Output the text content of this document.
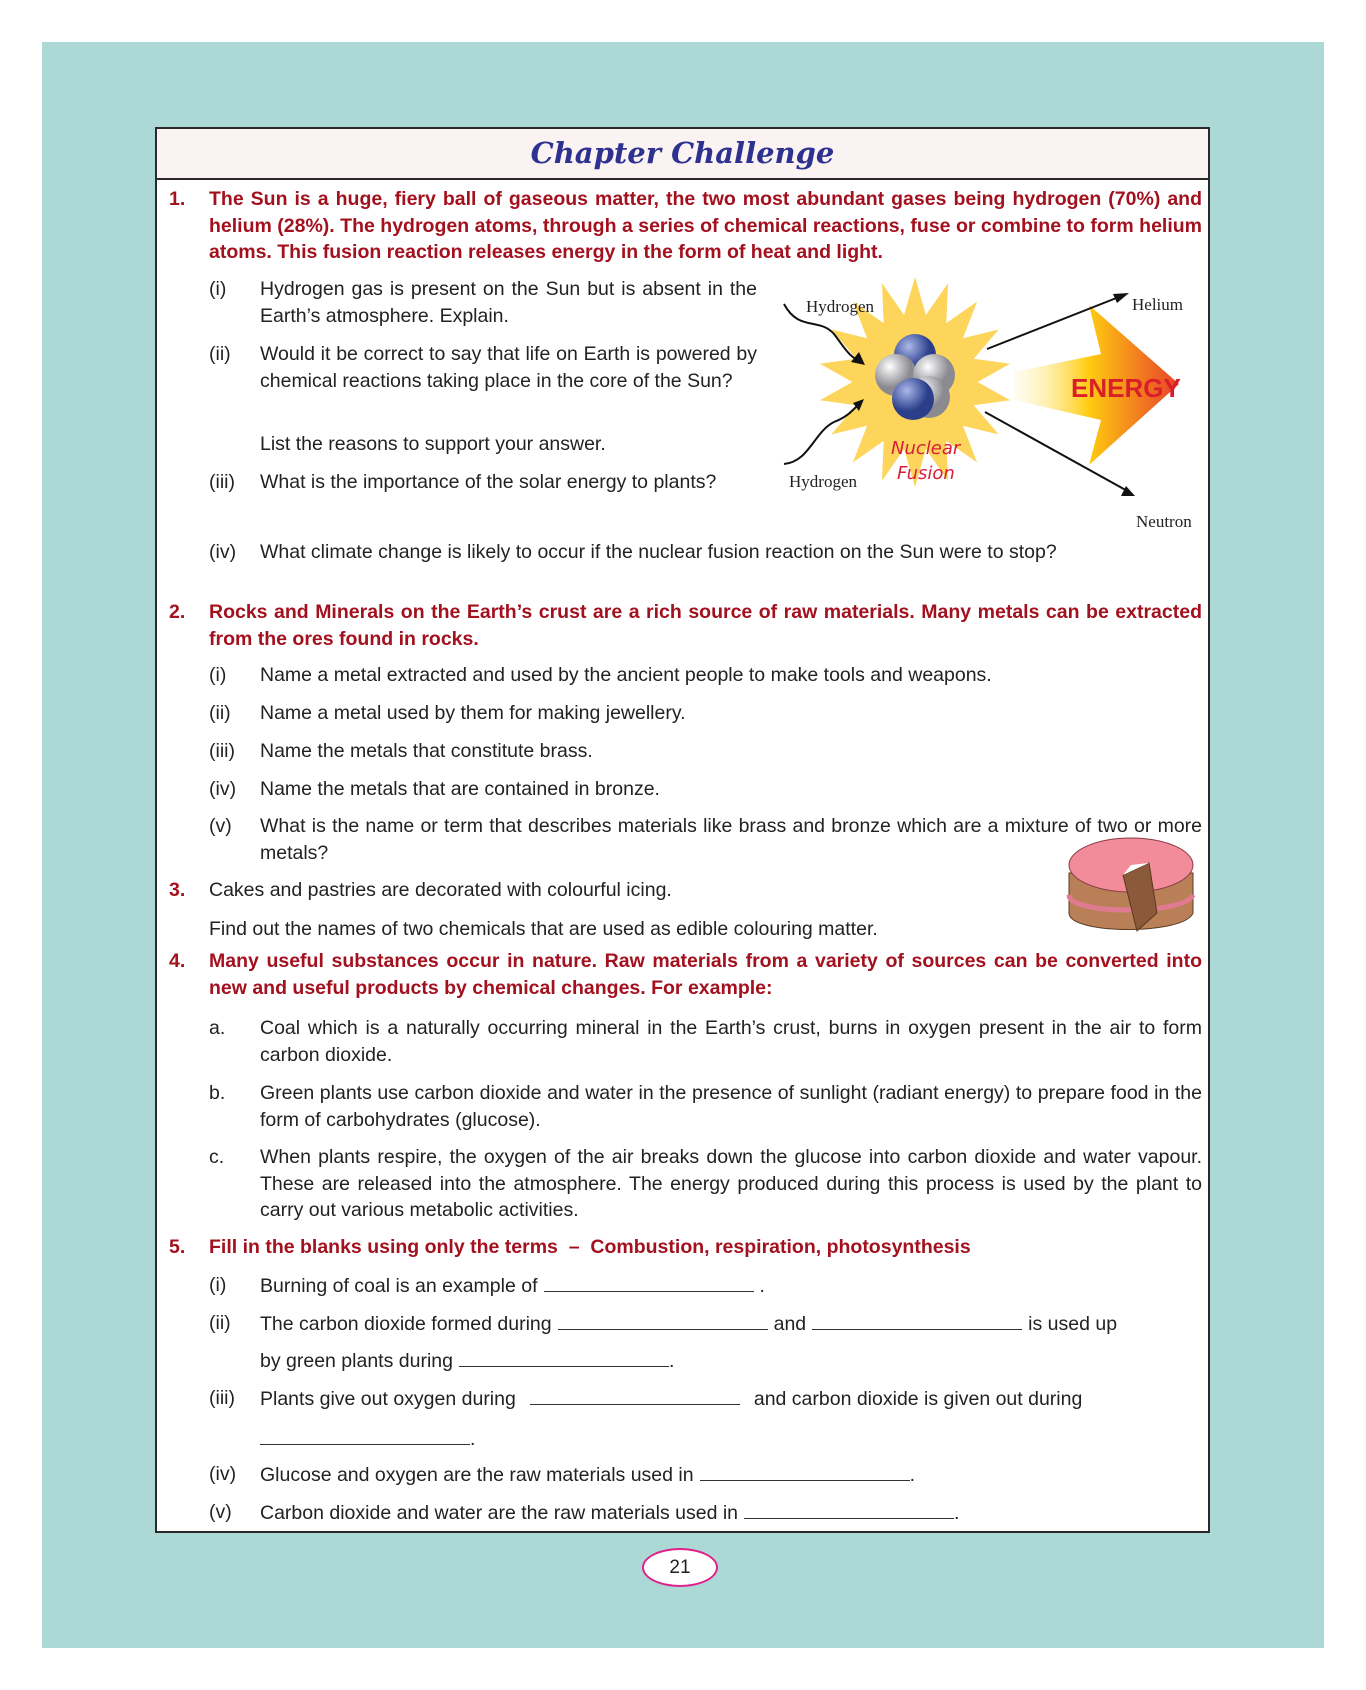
Chapter Challenge
1. The Sun is a huge, fiery ball of gaseous matter, the two most abundant gases being hydrogen (70%) and helium (28%). The hydrogen atoms, through a series of chemical reactions, fuse or combine to form helium atoms. This fusion reaction releases energy in the form of heat and light.
(i) Hydrogen gas is present on the Sun but is absent in the Earth’s atmosphere. Explain.
(ii) Would it be correct to say that life on Earth is powered by chemical reactions taking place in the core of the Sun?
List the reasons to support your answer.
(iii) What is the importance of the solar energy to plants?
(iv) What climate change is likely to occur if the nuclear fusion reaction on the Sun were to stop?
ENERGY
Nuclear
Fusion
Hydrogen
Hydrogen
Helium
Neutron
2. Rocks and Minerals on the Earth’s crust are a rich source of raw materials. Many metals can be extracted from the ores found in rocks.
(i) Name a metal extracted and used by the ancient people to make tools and weapons.
(ii) Name a metal used by them for making jewellery.
(iii) Name the metals that constitute brass.
(iv) Name the metals that are contained in bronze.
(v) What is the name or term that describes materials like brass and bronze which are a mixture of two or more metals?
3. Cakes and pastries are decorated with colourful icing.
Find out the names of two chemicals that are used as edible colouring matter.
4. Many useful substances occur in nature. Raw materials from a variety of sources can be converted into new and useful products by chemical changes. For example:
a. Coal which is a naturally occurring mineral in the Earth’s crust, burns in oxygen present in the air to form carbon dioxide.
b. Green plants use carbon dioxide and water in the presence of sunlight (radiant energy) to prepare food in the form of carbohydrates (glucose).
c. When plants respire, the oxygen of the air breaks down the glucose into carbon dioxide and water vapour. These are released into the atmosphere. The energy produced during this process is used by the plant to carry out various metabolic activities.
5. Fill in the blanks using only the terms  –  Combustion, respiration, photosynthesis
(i) Burning of coal is an example of	.
(ii) The carbon dioxide formed during	and	is used up
by green plants during	.
(iii) Plants give out oxygen during	and carbon dioxide is given out during
.
(iv) Glucose and oxygen are the raw materials used in	.
(v) Carbon dioxide and water are the raw materials used in	.
21
